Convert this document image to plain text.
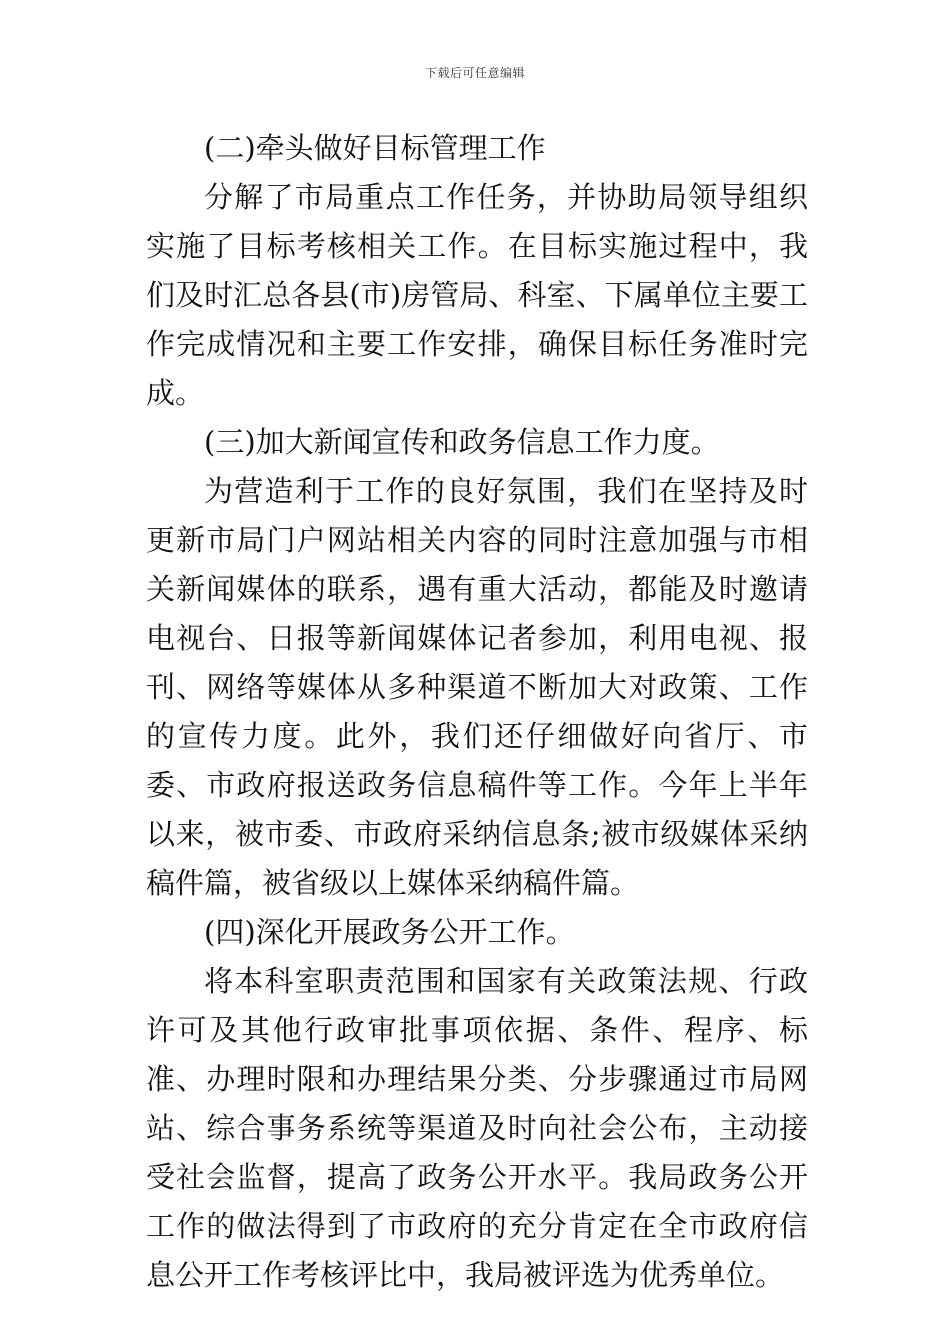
下载后可任意编辑

(二)牵头做好目标管理工作

分解了市局重点工作任务，并协助局领导组织实施了目标考核相关工作。在目标实施过程中，我们及时汇总各县(市)房管局、科室、下属单位主要工作完成情况和主要工作安排，确保目标任务准时完成。

(三)加大新闻宣传和政务信息工作力度。

为营造利于工作的良好氛围，我们在坚持及时更新市局门户网站相关内容的同时注意加强与市相关新闻媒体的联系，遇有重大活动，都能及时邀请电视台、日报等新闻媒体记者参加，利用电视、报刊、网络等媒体从多种渠道不断加大对政策、工作的宣传力度。此外，我们还仔细做好向省厅、市委、市政府报送政务信息稿件等工作。今年上半年以来，被市委、市政府采纳信息条;被市级媒体采纳稿件篇，被省级以上媒体采纳稿件篇。

(四)深化开展政务公开工作。

将本科室职责范围和国家有关政策法规、行政许可及其他行政审批事项依据、条件、程序、标准、办理时限和办理结果分类、分步骤通过市局网站、综合事务系统等渠道及时向社会公布，主动接受社会监督，提高了政务公开水平。我局政务公开工作的做法得到了市政府的充分肯定在全市政府信息公开工作考核评比中，我局被评选为优秀单位。
